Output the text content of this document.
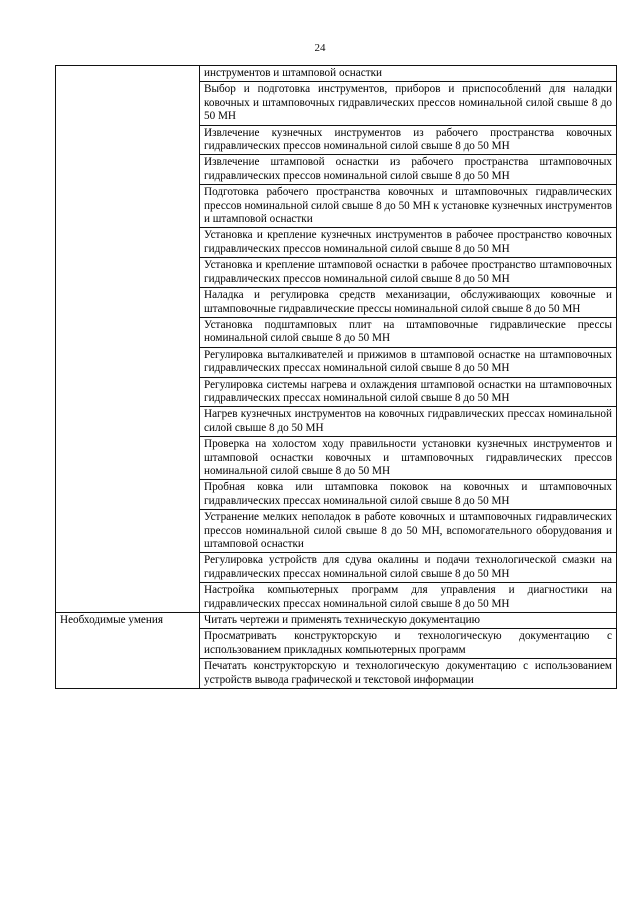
24
	инструментов и штамповой оснастки
	Выбор и подготовка инструментов, приборов и приспособлений для наладки ковочных и штамповочных гидравлических прессов номинальной силой свыше 8 до 50 МН
	Извлечение кузнечных инструментов из рабочего пространства ковочных гидравлических прессов номинальной силой свыше 8 до 50 МН
	Извлечение штамповой оснастки из рабочего пространства штамповочных гидравлических прессов номинальной силой свыше 8 до 50 МН
	Подготовка рабочего пространства ковочных и штамповочных гидравлических прессов номинальной силой свыше 8 до 50 МН к установке кузнечных инструментов и штамповой оснастки
	Установка и крепление кузнечных инструментов в рабочее пространство ковочных гидравлических прессов номинальной силой свыше 8 до 50 МН
	Установка и крепление штамповой оснастки в рабочее пространство штамповочных гидравлических прессов номинальной силой свыше 8 до 50 МН
	Наладка и регулировка средств механизации, обслуживающих ковочные и штамповочные гидравлические прессы номинальной силой свыше 8 до 50 МН
	Установка подштамповых плит на штамповочные гидравлические прессы номинальной силой свыше 8 до 50 МН
	Регулировка выталкивателей и прижимов в штамповой оснастке на штамповочных гидравлических прессах номинальной силой свыше 8 до 50 МН
	Регулировка системы нагрева и охлаждения штамповой оснастки на штамповочных гидравлических прессах номинальной силой свыше 8 до 50 МН
	Нагрев кузнечных инструментов на ковочных гидравлических прессах номинальной силой свыше 8 до 50 МН
	Проверка на холостом ходу правильности установки кузнечных инструментов и штамповой оснастки ковочных и штамповочных гидравлических прессов номинальной силой свыше 8 до 50 МН
	Пробная ковка или штамповка поковок на ковочных и штамповочных гидравлических прессах номинальной силой свыше 8 до 50 МН
	Устранение мелких неполадок в работе ковочных и штамповочных гидравлических прессов номинальной силой свыше 8 до 50 МН, вспомогательного оборудования и штамповой оснастки
	Регулировка устройств для сдува окалины и подачи технологической смазки на гидравлических прессах номинальной силой свыше 8 до 50 МН
	Настройка компьютерных программ для управления и диагностики на гидравлических прессах номинальной силой свыше 8 до 50 МН
Необходимые умения	Читать чертежи и применять техническую документацию
	Просматривать конструкторскую и технологическую документацию с использованием прикладных компьютерных программ
	Печатать конструкторскую и технологическую документацию с использованием устройств вывода графической и текстовой информации
